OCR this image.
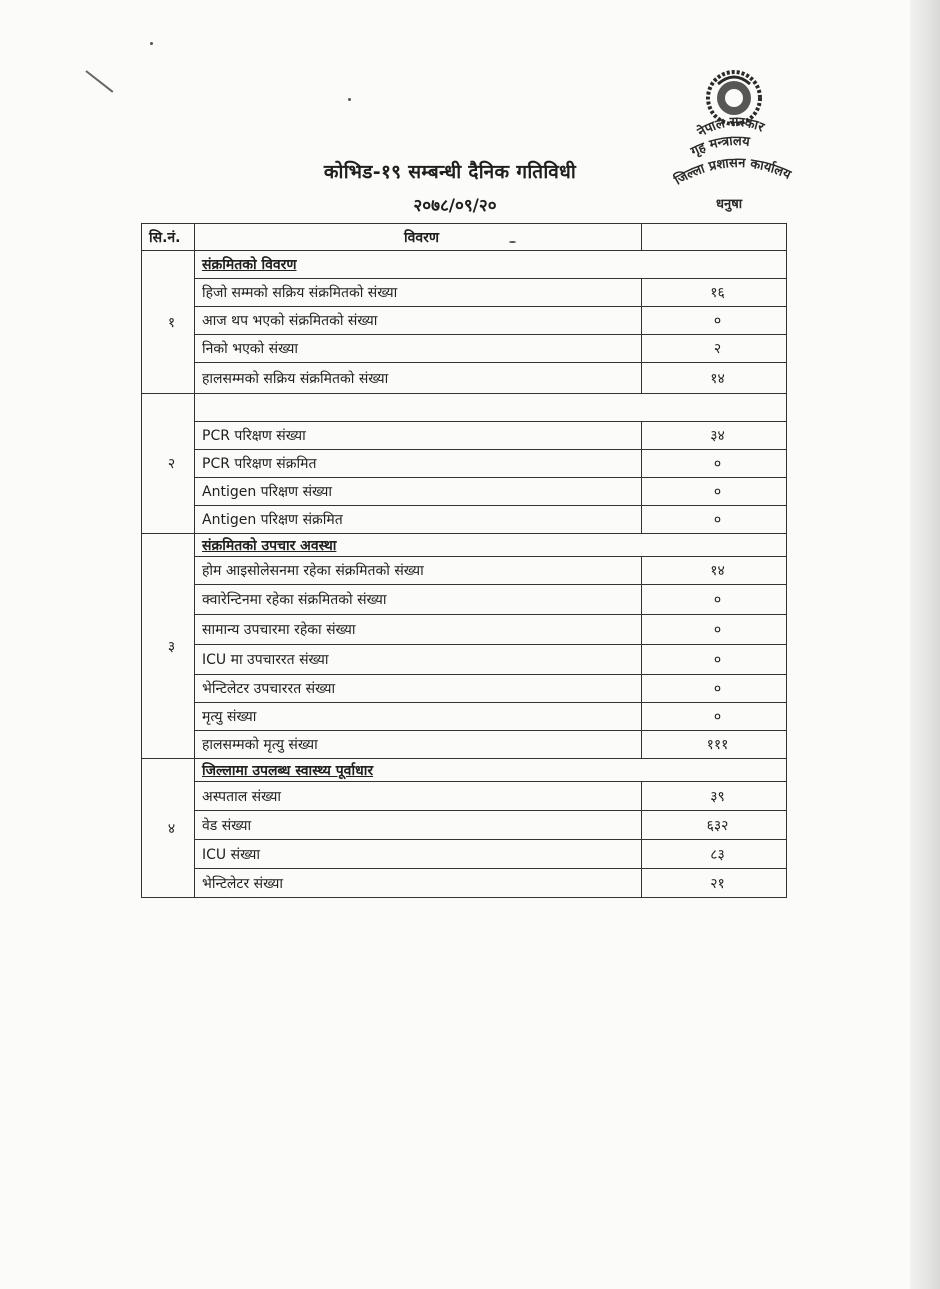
कोभिड-१९ सम्बन्धी दैनिक गतिविधी
२०७८/०९/२०
नेपाल सरकार
गृह मन्त्रालय
जिल्ला प्रशासन कार्यालय
धनुषा
सि.नं.	विवरण	
१	संक्रमितको विवरण	
	हिजो सम्मको सक्रिय संक्रमितको संख्या	१६
	आज थप भएको संक्रमितको संख्या	०
	निको भएको संख्या	२
	हालसम्मको सक्रिय संक्रमितको संख्या	१४
२		
	PCR परिक्षण संख्या	३४
	PCR परिक्षण संक्रमित	०
	Antigen परिक्षण संख्या	०
	Antigen परिक्षण संक्रमित	०
३	संक्रमितको उपचार अवस्था	
	होम आइसोलेसनमा रहेका संक्रमितको संख्या	१४
	क्वारेन्टिनमा रहेका संक्रमितको संख्या	०
	सामान्य उपचारमा रहेका संख्या	०
	ICU मा उपचाररत संख्या	०
	भेन्टिलेटर उपचाररत संख्या	०
	मृत्यु संख्या	०
	हालसम्मको मृत्यु संख्या	१११
४	जिल्लामा उपलब्ध स्वास्थ्य पूर्वाधार	
	अस्पताल संख्या	३९
	वेड संख्या	६३२
	ICU संख्या	८३
	भेन्टिलेटर संख्या	२१
